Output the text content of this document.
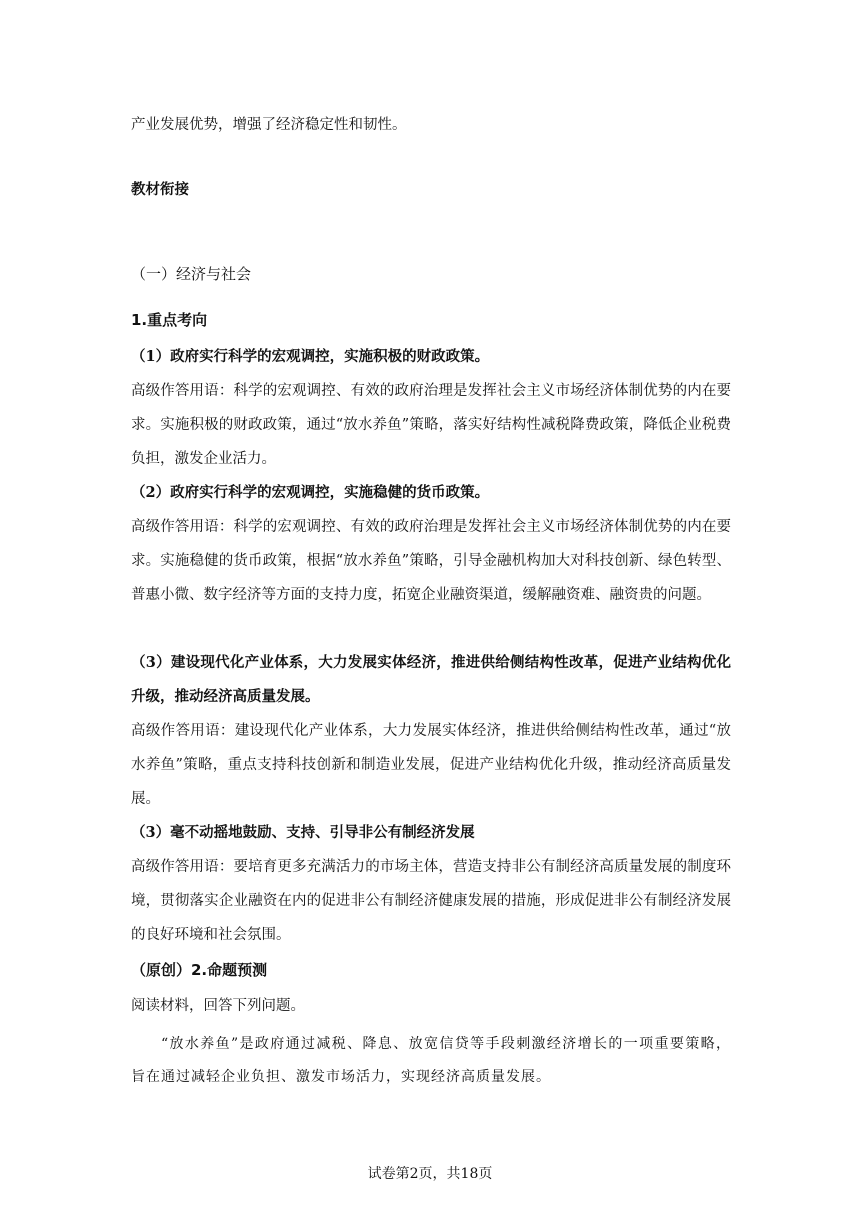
产业发展优势，增强了经济稳定性和韧性。
教材衔接
（一）经济与社会
1.重点考向
（1）政府实行科学的宏观调控，实施积极的财政政策。
高级作答用语：科学的宏观调控、有效的政府治理是发挥社会主义市场经济体制优势的内在要求。实施积极的财政政策，通过“放水养鱼”策略，落实好结构性减税降费政策，降低企业税费负担，激发企业活力。
（2）政府实行科学的宏观调控，实施稳健的货币政策。
高级作答用语：科学的宏观调控、有效的政府治理是发挥社会主义市场经济体制优势的内在要求。实施稳健的货币政策，根据“放水养鱼”策略，引导金融机构加大对科技创新、绿色转型、普惠小微、数字经济等方面的支持力度，拓宽企业融资渠道，缓解融资难、融资贵的问题。
（3）建设现代化产业体系，大力发展实体经济，推进供给侧结构性改革，促进产业结构优化升级，推动经济高质量发展。
高级作答用语：建设现代化产业体系，大力发展实体经济，推进供给侧结构性改革，通过“放水养鱼”策略，重点支持科技创新和制造业发展，促进产业结构优化升级，推动经济高质量发展。
（3）毫不动摇地鼓励、支持、引导非公有制经济发展
高级作答用语：要培育更多充满活力的市场主体，营造支持非公有制经济高质量发展的制度环境，贯彻落实企业融资在内的促进非公有制经济健康发展的措施，形成促进非公有制经济发展的良好环境和社会氛围。
（原创）2.命题预测
阅读材料，回答下列问题。
“放水养鱼”是政府通过减税、降息、放宽信贷等手段刺激经济增长的一项重要策略，旨在通过减轻企业负担、激发市场活力，实现经济高质量发展。
试卷第2页，共18页
